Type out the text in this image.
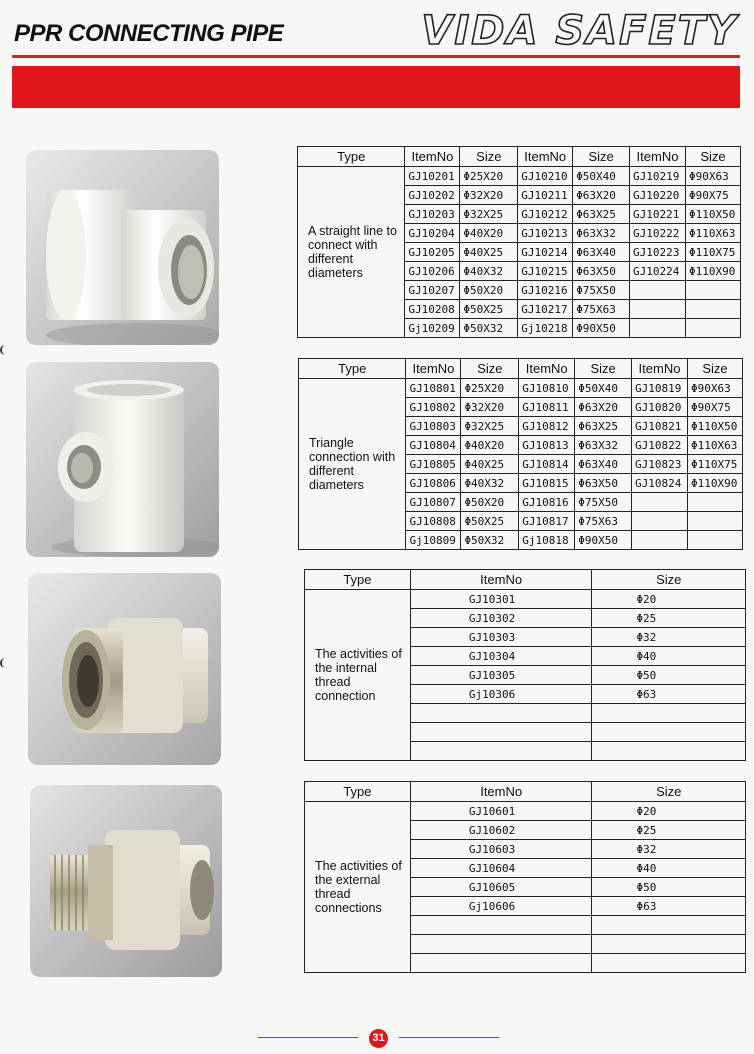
PPR CONNECTING PIPE	VIDA SAFETY
Type	ItemNo	Size	ItemNo	Size	ItemNo	Size
A straight line to connect with different diameters	GJ10201	Φ25X20	GJ10210	Φ50X40	GJ10219	Φ90X63
	GJ10202	Φ32X20	GJ10211	Φ63X20	GJ10220	Φ90X75
	GJ10203	Φ32X25	GJ10212	Φ63X25	GJ10221	Φ110X50
	GJ10204	Φ40X20	GJ10213	Φ63X32	GJ10222	Φ110X63
	GJ10205	Φ40X25	GJ10214	Φ63X40	GJ10223	Φ110X75
	GJ10206	Φ40X32	GJ10215	Φ63X50	GJ10224	Φ110X90
	GJ10207	Φ50X20	GJ10216	Φ75X50		
	GJ10208	Φ50X25	GJ10217	Φ75X63		
	Gj10209	Φ50X32	Gj10218	Φ90X50		
Type	ItemNo	Size	ItemNo	Size	ItemNo	Size
Triangle connection with different diameters	GJ10801	Φ25X20	GJ10810	Φ50X40	GJ10819	Φ90X63
	GJ10802	Φ32X20	GJ10811	Φ63X20	GJ10820	Φ90X75
	GJ10803	Φ32X25	GJ10812	Φ63X25	GJ10821	Φ110X50
	GJ10804	Φ40X20	GJ10813	Φ63X32	GJ10822	Φ110X63
	GJ10805	Φ40X25	GJ10814	Φ63X40	GJ10823	Φ110X75
	GJ10806	Φ40X32	GJ10815	Φ63X50	GJ10824	Φ110X90
	GJ10807	Φ50X20	GJ10816	Φ75X50		
	GJ10808	Φ50X25	GJ10817	Φ75X63		
	Gj10809	Φ50X32	Gj10818	Φ90X50		
Type	ItemNo	Size
The activities of the internal thread connection	GJ10301	Φ20
	GJ10302	Φ25
	GJ10303	Φ32
	GJ10304	Φ40
	GJ10305	Φ50
	Gj10306	Φ63

Type	ItemNo	Size
The activities of the external thread connections	GJ10601	Φ20
	GJ10602	Φ25
	GJ10603	Φ32
	GJ10604	Φ40
	GJ10605	Φ50
	Gj10606	Φ63

31
